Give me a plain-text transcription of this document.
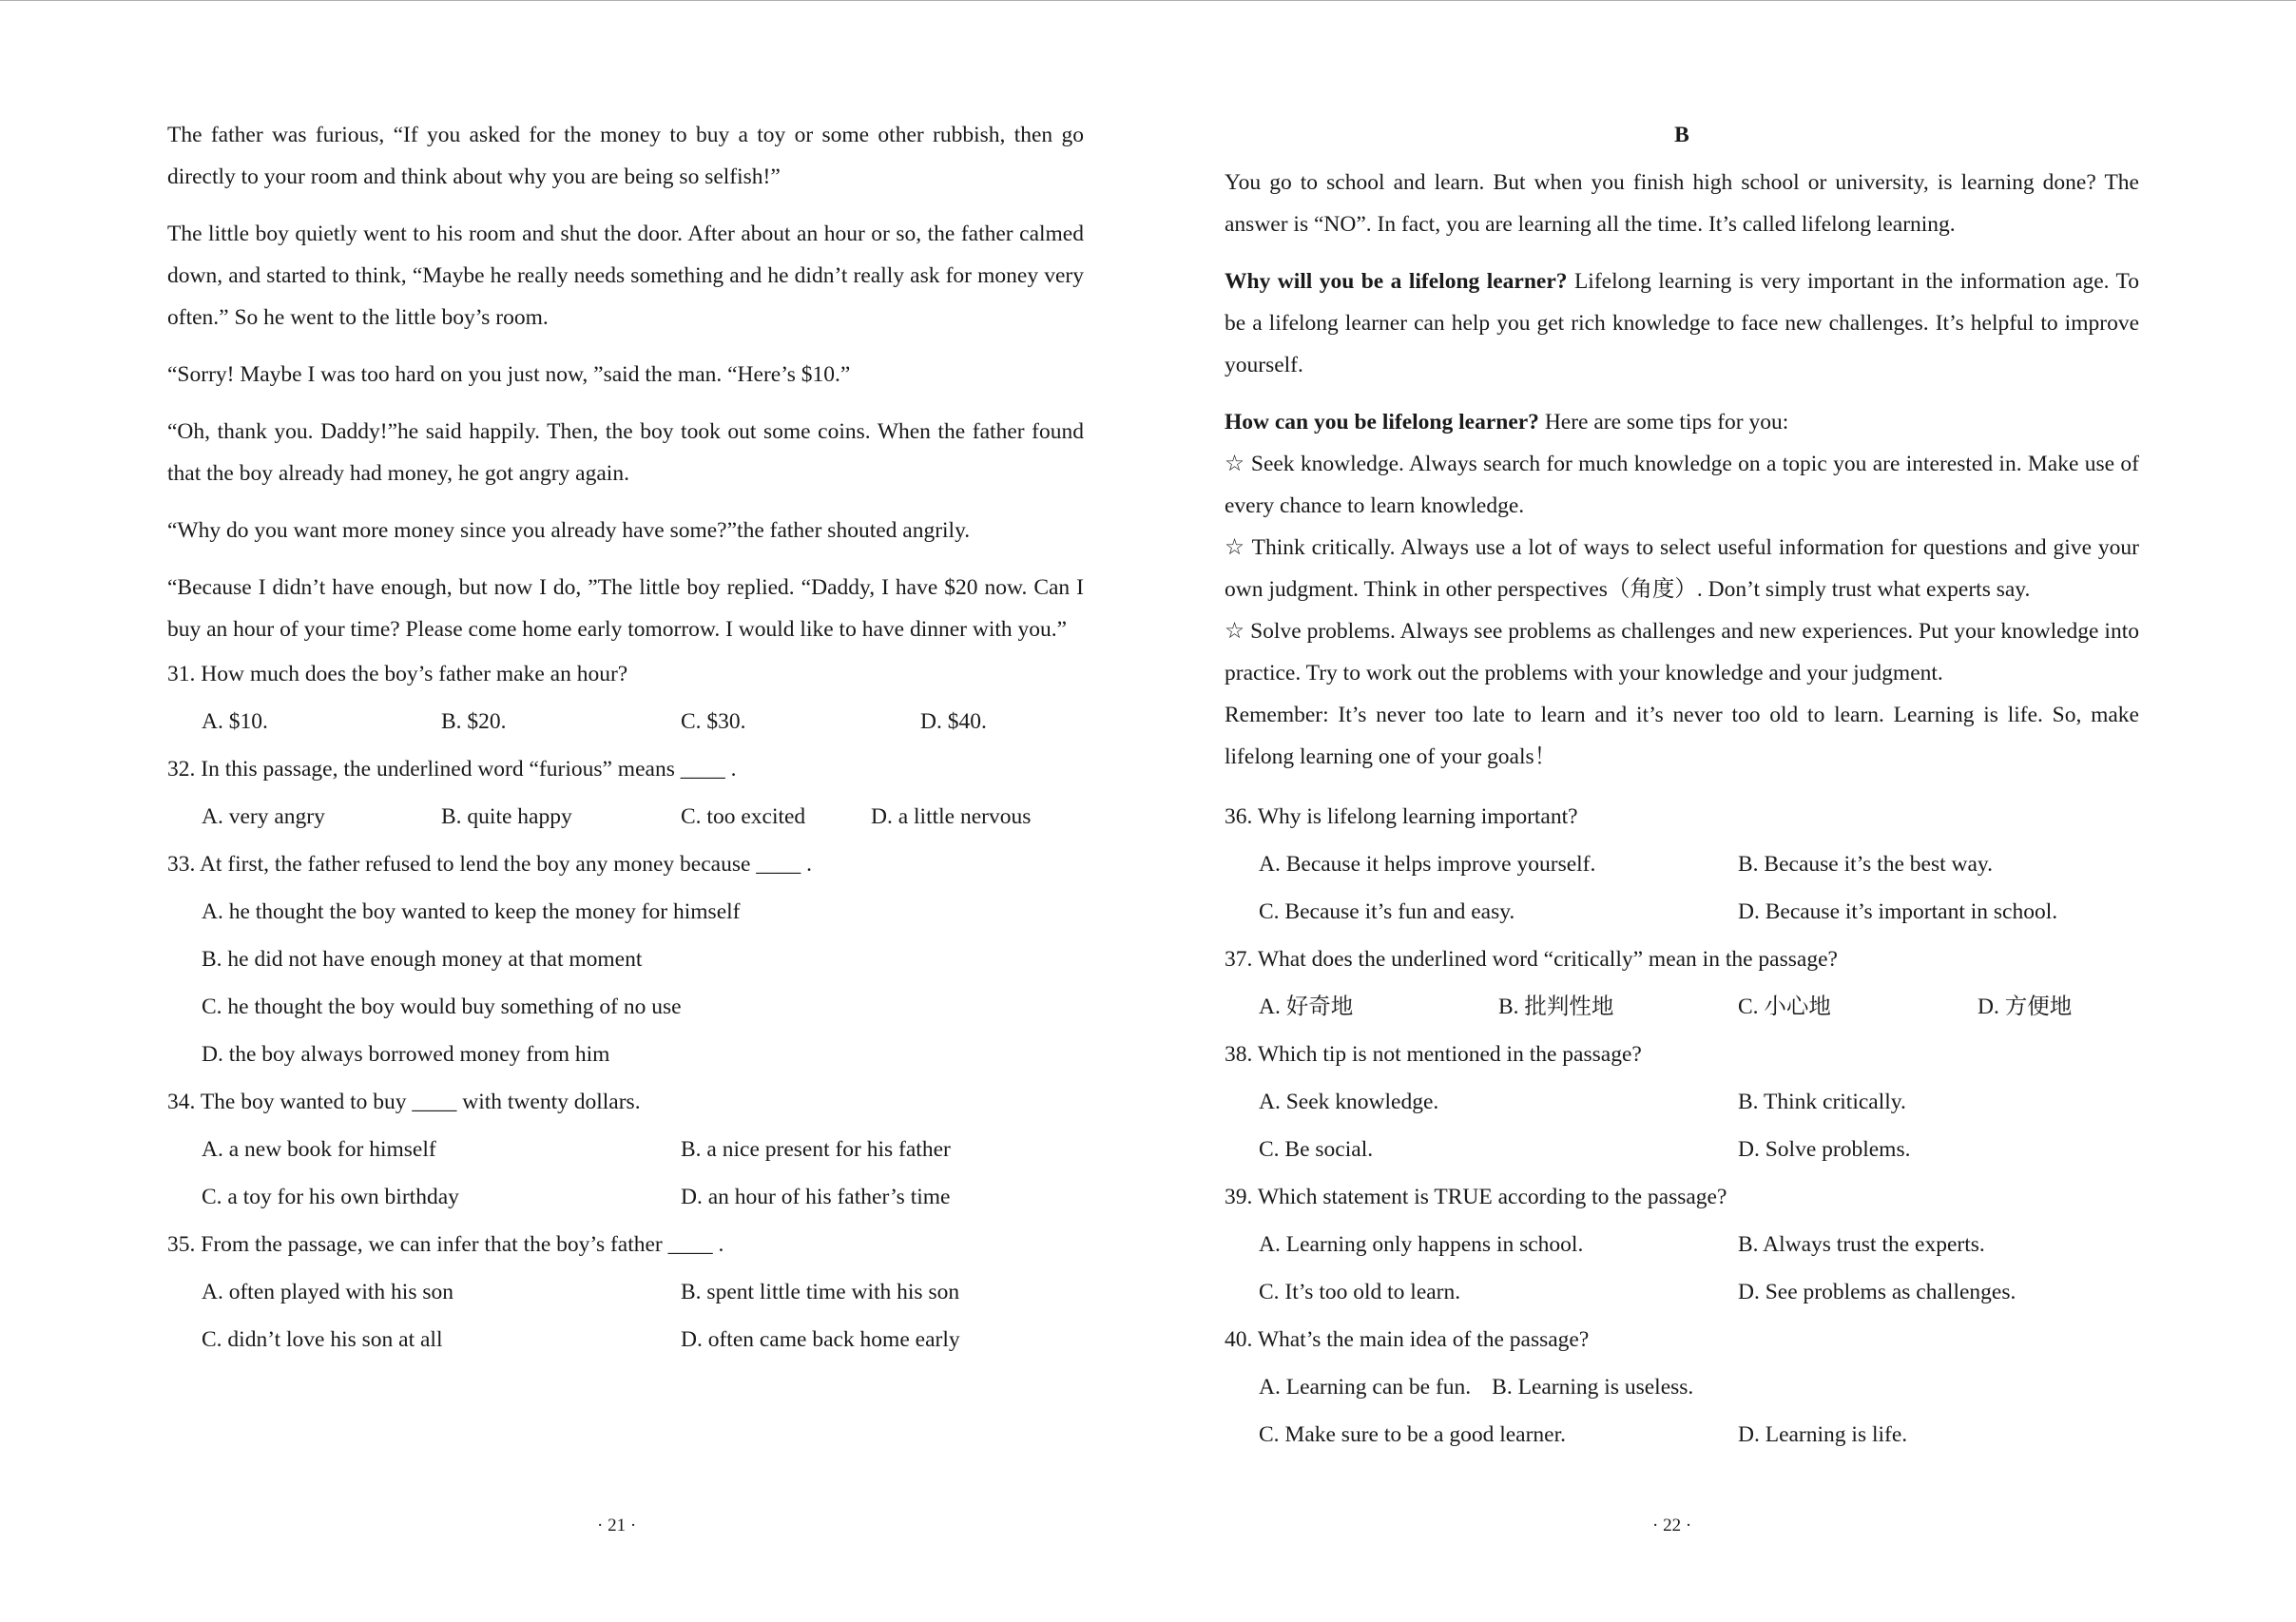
The father was furious, “If you asked for the money to buy a toy or some other rubbish, then go directly to your room and think about why you are being so selfish!”

The little boy quietly went to his room and shut the door. After about an hour or so, the father calmed down, and started to think, “Maybe he really needs something and he didn’t really ask for money very often.” So he went to the little boy’s room.

“Sorry! Maybe I was too hard on you just now, ”said the man. “Here’s $10.”

“Oh, thank you. Daddy!”he said happily. Then, the boy took out some coins. When the father found that the boy already had money, he got angry again.

“Why do you want more money since you already have some?”the father shouted angrily.

“Because I didn’t have enough, but now I do, ”The little boy replied. “Daddy, I have $20 now. Can I buy an hour of your time? Please come home early tomorrow. I would like to have dinner with you.”

31. How much does the boy’s father make an hour?

A. $10.	B. $20.	C. $30.	D. $40.

32. In this passage, the underlined word “furious” means ____ .

A. very angry	B. quite happy	C. too excited	D. a little nervous

33. At first, the father refused to lend the boy any money because ____ .

A. he thought the boy wanted to keep the money for himself
B. he did not have enough money at that moment
C. he thought the boy would buy something of no use
D. the boy always borrowed money from him

34. The boy wanted to buy ____ with twenty dollars.

A. a new book for himself	B. a nice present for his father
C. a toy for his own birthday	D. an hour of his father’s time

35. From the passage, we can infer that the boy’s father ____ .

A. often played with his son	B. spent little time with his son
C. didn’t love his son at all	D. often came back home early

B

You go to school and learn. But when you finish high school or university, is learning done? The answer is “NO”. In fact, you are learning all the time. It’s called lifelong learning.

Why will you be a lifelong learner? Lifelong learning is very important in the information age. To be a lifelong learner can help you get rich knowledge to face new challenges. It’s helpful to improve yourself.

How can you be lifelong learner? Here are some tips for you:

☆ Seek knowledge. Always search for much knowledge on a topic you are interested in. Make use of every chance to learn knowledge.

☆ Think critically. Always use a lot of ways to select useful information for questions and give your own judgment. Think in other perspectives（角度）. Don’t simply trust what experts say.

☆ Solve problems. Always see problems as challenges and new experiences. Put your knowledge into practice. Try to work out the problems with your knowledge and your judgment.

Remember: It’s never too late to learn and it’s never too old to learn. Learning is life. So, make lifelong learning one of your goals！

36. Why is lifelong learning important?

A. Because it helps improve yourself.	B. Because it’s the best way.
C. Because it’s fun and easy.	D. Because it’s important in school.

37. What does the underlined word “critically” mean in the passage?

A. 好奇地	B. 批判性地	C. 小心地	D. 方便地

38. Which tip is not mentioned in the passage?

A. Seek knowledge.	B. Think critically.
C. Be social.	D. Solve problems.

39. Which statement is TRUE according to the passage?

A. Learning only happens in school.	B. Always trust the experts.
C. It’s too old to learn.	D. See problems as challenges.

40. What’s the main idea of the passage?

A. Learning can be fun. B. Learning is useless.
C. Make sure to be a good learner.	D. Learning is life.
· 21 ·	· 22 ·
